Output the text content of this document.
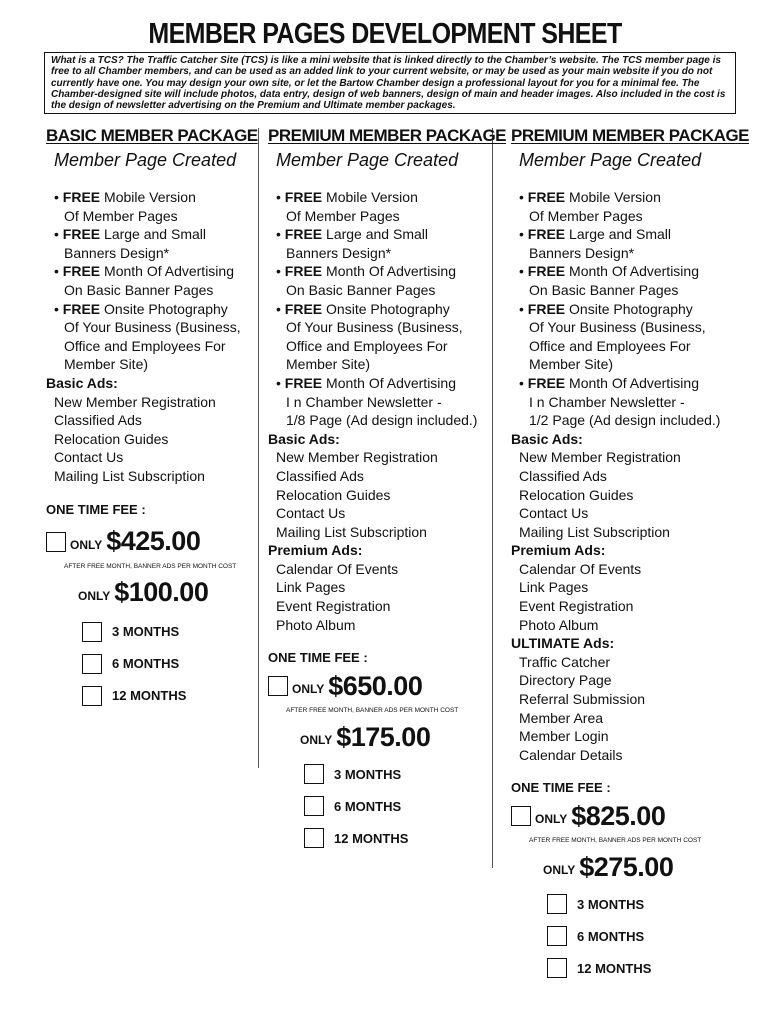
MEMBER PAGES DEVELOPMENT SHEET
What is a TCS? The Traffic Catcher Site (TCS) is like a mini website that is linked directly to the Chamber’s website. The TCS member page is free to all Chamber members, and can be used as an added link to your current website, or may be used as your main website if you do not currently have one. You may design your own site, or let the Bartow Chamber design a professional layout for you for a minimal fee. The Chamber-designed site will include photos, data entry, design of web banners, design of main and header images. Also included in the cost is the design of newsletter advertising on the Premium and Ultimate member packages.
BASIC MEMBER PACKAGE
Member Page Created
• FREE Mobile Version
Of Member Pages
• FREE Large and Small
Banners Design*
• FREE Month Of Advertising
On Basic Banner Pages
• FREE Onsite Photography
Of Your Business (Business,
Office and Employees For
Member Site)
Basic Ads:
New Member Registration
Classified Ads
Relocation Guides
Contact Us
Mailing List Subscription
ONE TIME FEE :
ONLY $425.00
AFTER FREE MONTH, BANNER ADS PER MONTH COST
ONLY $100.00
3 MONTHS
6 MONTHS
12 MONTHS
PREMIUM MEMBER PACKAGE
Member Page Created
• FREE Mobile Version
Of Member Pages
• FREE Large and Small
Banners Design*
• FREE Month Of Advertising
On Basic Banner Pages
• FREE Onsite Photography
Of Your Business (Business,
Office and Employees For
Member Site)
• FREE Month Of Advertising
I n Chamber Newsletter -
1/8 Page (Ad design included.)
Basic Ads:
New Member Registration
Classified Ads
Relocation Guides
Contact Us
Mailing List Subscription
Premium Ads:
Calendar Of Events
Link Pages
Event Registration
Photo Album
ONE TIME FEE :
ONLY $650.00
AFTER FREE MONTH, BANNER ADS PER MONTH COST
ONLY $175.00
3 MONTHS
6 MONTHS
12 MONTHS
PREMIUM MEMBER PACKAGE
Member Page Created
• FREE Mobile Version
Of Member Pages
• FREE Large and Small
Banners Design*
• FREE Month Of Advertising
On Basic Banner Pages
• FREE Onsite Photography
Of Your Business (Business,
Office and Employees For
Member Site)
• FREE Month Of Advertising
I n Chamber Newsletter -
1/2 Page (Ad design included.)
Basic Ads:
New Member Registration
Classified Ads
Relocation Guides
Contact Us
Mailing List Subscription
Premium Ads:
Calendar Of Events
Link Pages
Event Registration
Photo Album
ULTIMATE Ads:
Traffic Catcher
Directory Page
Referral Submission
Member Area
Member Login
Calendar Details
ONE TIME FEE :
ONLY $825.00
AFTER FREE MONTH, BANNER ADS PER MONTH COST
ONLY $275.00
3 MONTHS
6 MONTHS
12 MONTHS
